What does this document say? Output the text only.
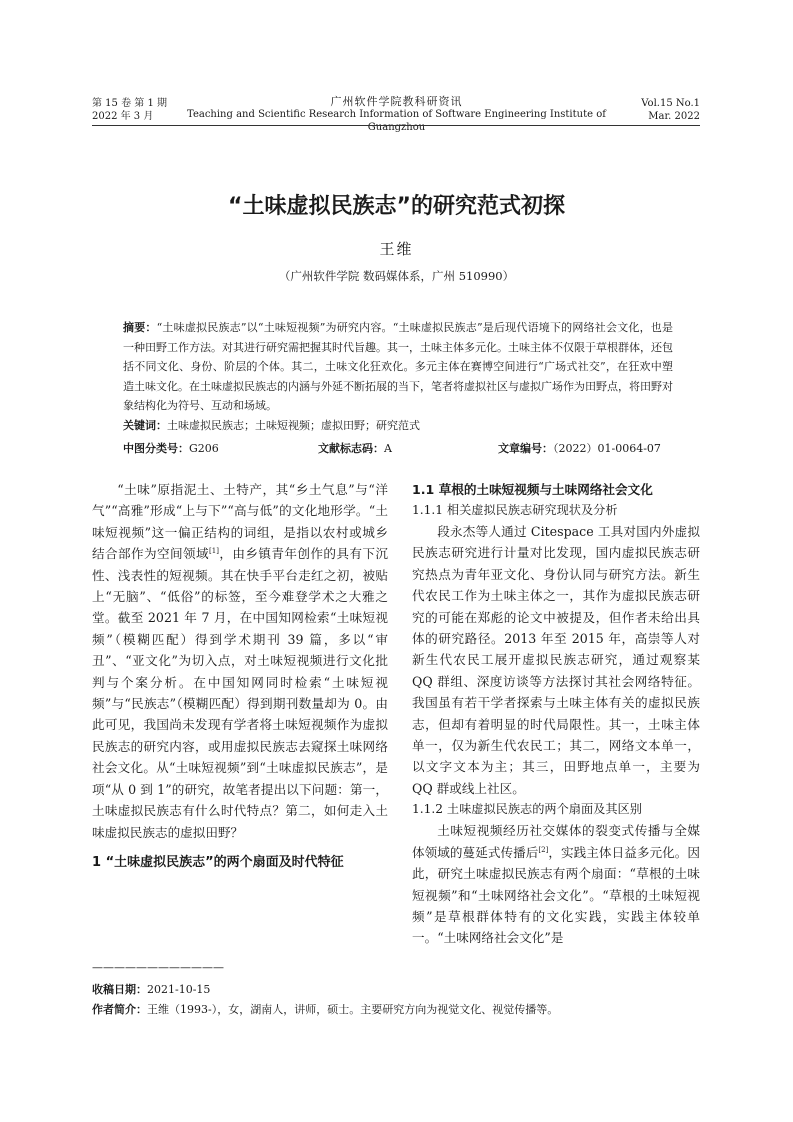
第 15 卷 第 1 期
2022 年 3 月
广州软件学院教科研资讯
Teaching and Scientific Research Information of Software Engineering Institute of Guangzhou
Vol.15 No.1
Mar. 2022
“土味虚拟民族志”的研究范式初探
王维
（广州软件学院 数码媒体系，广州 510990）
摘要：“土味虚拟民族志”以“土味短视频”为研究内容。“土味虚拟民族志”是后现代语境下的网络社会文化，也是一种田野工作方法。对其进行研究需把握其时代旨趣。其一，土味主体多元化。土味主体不仅限于草根群体，还包括不同文化、身份、阶层的个体。其二，土味文化狂欢化。多元主体在赛博空间进行“广场式社交”，在狂欢中塑造土味文化。在土味虚拟民族志的内涵与外延不断拓展的当下，笔者将虚拟社区与虚拟广场作为田野点，将田野对象结构化为符号、互动和场域。
关键词：土味虚拟民族志；土味短视频；虚拟田野；研究范式
中图分类号：G206	文献标志码：A	文章编号：（2022）01-0064-07

“土味”原指泥土、土特产，其“乡土气息”与“洋气”“高雅”形成“上与下”“高与低”的文化地形学。“土味短视频”这一偏正结构的词组，是指以农村或城乡结合部作为空间领域[1]，由乡镇青年创作的具有下沉性、浅表性的短视频。其在快手平台走红之初，被贴上“无脑”、“低俗”的标签，至今难登学术之大雅之堂。截至 2021 年 7 月，在中国知网检索“土味短视频”（模糊匹配）得到学术期刊 39 篇，多以“审丑”、“亚文化”为切入点，对土味短视频进行文化批判与个案分析。在中国知网同时检索“土味短视频”与“民族志”（模糊匹配）得到期刊数量却为 0。由此可见，我国尚未发现有学者将土味短视频作为虚拟民族志的研究内容，或用虚拟民族志去窥探土味网络社会文化。从“土味短视频”到“土味虚拟民族志”，是项“从 0 到 1”的研究，故笔者提出以下问题：第一，土味虚拟民族志有什么时代特点？第二，如何走入土味虚拟民族志的虚拟田野？

1 “土味虚拟民族志”的两个扇面及时代特征
1.1 草根的土味短视频与土味网络社会文化
1.1.1 相关虚拟民族志研究现状及分析

段永杰等人通过 Citespace 工具对国内外虚拟民族志研究进行计量对比发现，国内虚拟民族志研究热点为青年亚文化、身份认同与研究方法。新生代农民工作为土味主体之一，其作为虚拟民族志研究的可能在郑彪的论文中被提及，但作者未给出具体的研究路径。2013 年至 2015 年，高崇等人对新生代农民工展开虚拟民族志研究，通过观察某 QQ 群组、深度访谈等方法探讨其社会网络特征。我国虽有若干学者探索与土味主体有关的虚拟民族志，但却有着明显的时代局限性。其一，土味主体单一，仅为新生代农民工；其二，网络文本单一，以文字文本为主；其三，田野地点单一，主要为 QQ 群或线上社区。

1.1.2 土味虚拟民族志的两个扇面及其区别

土味短视频经历社交媒体的裂变式传播与全媒体领域的蔓延式传播后[2]，实践主体日益多元化。因此，研究土味虚拟民族志有两个扇面：“草根的土味短视频”和“土味网络社会文化”。“草根的土味短视频”是草根群体特有的文化实践，实践主体较单一。“土味网络社会文化”是

————————————
收稿日期：2021-10-15
作者简介：王维（1993-），女，湖南人，讲师，硕士。主要研究方向为视觉文化、视觉传播等。
